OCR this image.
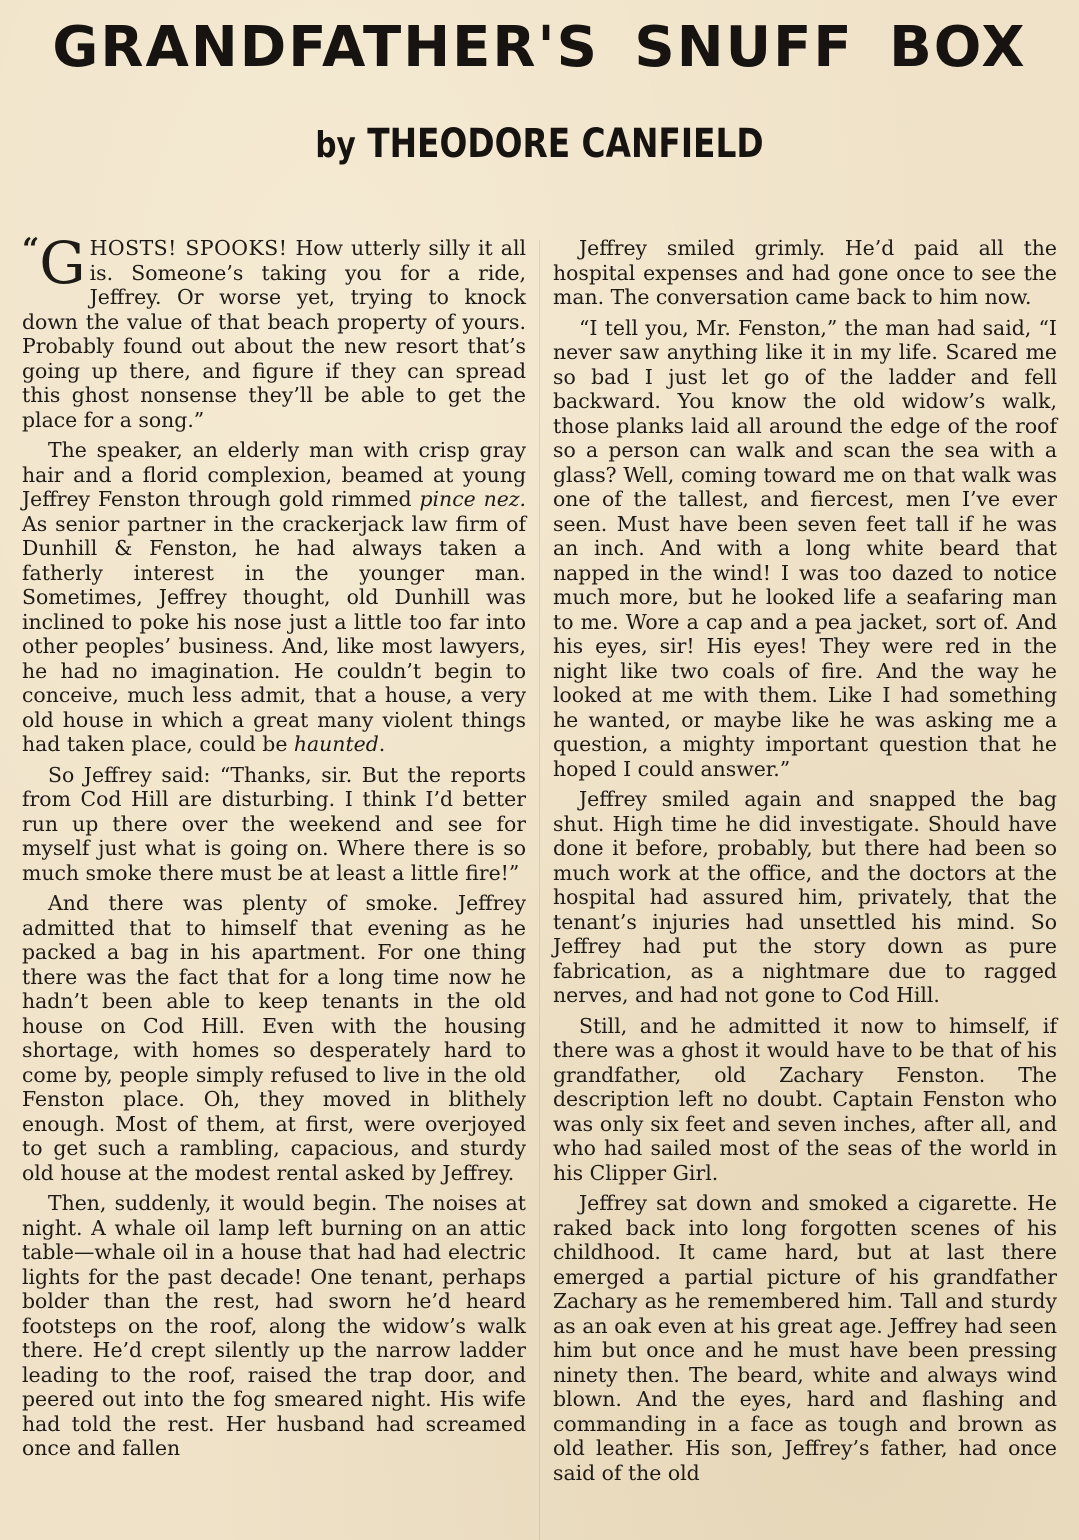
GRANDFATHER'S SNUFF BOX
by THEODORE CANFIELD

“G HOSTS! SPOOKS! How utterly silly it all is. Someone’s taking you for a ride, Jeffrey. Or worse yet, trying to knock down the value of that beach property of yours. Probably found out about the new resort that’s going up there, and figure if they can spread this ghost nonsense they’ll be able to get the place for a song.”

The speaker, an elderly man with crisp gray hair and a florid complexion, beamed at young Jeffrey Fenston through gold rimmed pince nez. As senior partner in the crackerjack law firm of Dunhill & Fenston, he had always taken a fatherly interest in the younger man. Sometimes, Jeffrey thought, old Dunhill was inclined to poke his nose just a little too far into other peoples’ business. And, like most lawyers, he had no imagination. He couldn’t begin to conceive, much less admit, that a house, a very old house in which a great many violent things had taken place, could be haunted.

So Jeffrey said: “Thanks, sir. But the reports from Cod Hill are disturbing. I think I’d better run up there over the weekend and see for myself just what is going on. Where there is so much smoke there must be at least a little fire!”

And there was plenty of smoke. Jeffrey admitted that to himself that evening as he packed a bag in his apartment. For one thing there was the fact that for a long time now he hadn’t been able to keep tenants in the old house on Cod Hill. Even with the housing shortage, with homes so desperately hard to come by, people simply refused to live in the old Fenston place. Oh, they moved in blithely enough. Most of them, at first, were overjoyed to get such a rambling, capacious, and sturdy old house at the modest rental asked by Jeffrey.

Then, suddenly, it would begin. The noises at night. A whale oil lamp left burning on an attic table—whale oil in a house that had had electric lights for the past decade! One tenant, perhaps bolder than the rest, had sworn he’d heard footsteps on the roof, along the widow’s walk there. He’d crept silently up the narrow ladder leading to the roof, raised the trap door, and peered out into the fog smeared night. His wife had told the rest. Her husband had screamed once and fallen

Jeffrey smiled grimly. He’d paid all the hospital expenses and had gone once to see the man. The conversation came back to him now.

“I tell you, Mr. Fenston,” the man had said, “I never saw anything like it in my life. Scared me so bad I just let go of the ladder and fell backward. You know the old widow’s walk, those planks laid all around the edge of the roof so a person can walk and scan the sea with a glass? Well, coming toward me on that walk was one of the tallest, and fiercest, men I’ve ever seen. Must have been seven feet tall if he was an inch. And with a long white beard that napped in the wind! I was too dazed to notice much more, but he looked life a seafaring man to me. Wore a cap and a pea jacket, sort of. And his eyes, sir! His eyes! They were red in the night like two coals of fire. And the way he looked at me with them. Like I had something he wanted, or maybe like he was asking me a question, a mighty important question that he hoped I could answer.”

Jeffrey smiled again and snapped the bag shut. High time he did investigate. Should have done it before, probably, but there had been so much work at the office, and the doctors at the hospital had assured him, privately, that the tenant’s injuries had unsettled his mind. So Jeffrey had put the story down as pure fabrication, as a nightmare due to ragged nerves, and had not gone to Cod Hill.

Still, and he admitted it now to himself, if there was a ghost it would have to be that of his grandfather, old Zachary Fenston. The description left no doubt. Captain Fenston who was only six feet and seven inches, after all, and who had sailed most of the seas of the world in his Clipper Girl.

Jeffrey sat down and smoked a cigarette. He raked back into long forgotten scenes of his childhood. It came hard, but at last there emerged a partial picture of his grandfather Zachary as he remembered him. Tall and sturdy as an oak even at his great age. Jeffrey had seen him but once and he must have been pressing ninety then. The beard, white and always wind blown. And the eyes, hard and flashing and commanding in a face as tough and brown as old leather. His son, Jeffrey’s father, had once said of the old
